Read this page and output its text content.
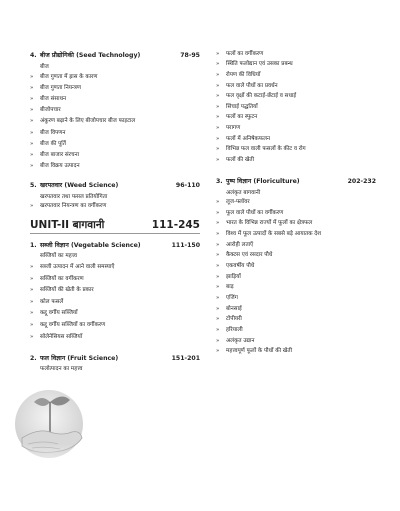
4. बीज प्रौद्योगिकी (Seed Technology)	78-95
बीज
» बीज गुणता में ह्रास के कारण
» बीज गुणता नियन्त्रण
» बीज संसाधन
» बीजोपचार
» अंकुरण बढ़ाने के लिए बीजोपचार बीज फाइटाल
» बीज विपणन
» बीज की पूर्ति
» बीज बाजार संरचना
» बीज विक्रय उत्पादन
5. खरपतवार (Weed Science)	96-110
खरपतवार तथा फसल प्रतियोगिता
» खरपतवार नियन्त्रण का वर्गीकरण
UNIT-II बागवानी	111-245
1. सब्जी विज्ञान (Vegetable Science)	111-150
सब्जियों का महत्त्व
» सब्जी उत्पादन में आने वाली समस्याएँ
» सब्जियों का वर्गीकरण
» सब्जियों की खेती के प्रकार
» कोल फसलें
» कद्दू वर्गीय सब्जियाँ
» कद्दू वर्गीय सब्जियों का वर्गीकरण
» सोलेनेसियस सब्जियाँ
2. फल विज्ञान (Fruit Science)	151-201
फलोत्पादन का महत्त्व
» फलों का वर्गीकरण
» स्थिति फलोद्यान एवं उसका प्रबन्ध
» रोपण की विधियाँ
» फल वाले पौधों का प्रवर्धन
» फल वृक्षों की कटाई-छँटाई व सधाई
» सिंचाई पद्धतियाँ
» फलों का स्फुटन
» परागण
» फलों में अनिषेकफलन
» विभिन्न फल वाली फसलों के कीट व रोग
» फलों की खेती
3. पुष्प विज्ञान (Floriculture)	202-232
अलंकृत बागवानी
» लूज-फ्लॉवर
» फूल वाले पौधों का वर्गीकरण
» भारत के विभिन्न राज्यों में फूलों का क्षेत्रफल
» विश्व में फूल उत्पादों के सबसे बड़े आयातक देश
» आरोही लताएँ
» कैक्टस एवं रसदार पौधे
» एकवर्षीय पौधे
» झाड़ियाँ
» बाड़
» एजिंग
» बोनसाई
» टोपीयरी
» हरियाली
» अलंकृत उद्यान
» महत्त्वपूर्ण फूलों के पौधों की खेती
